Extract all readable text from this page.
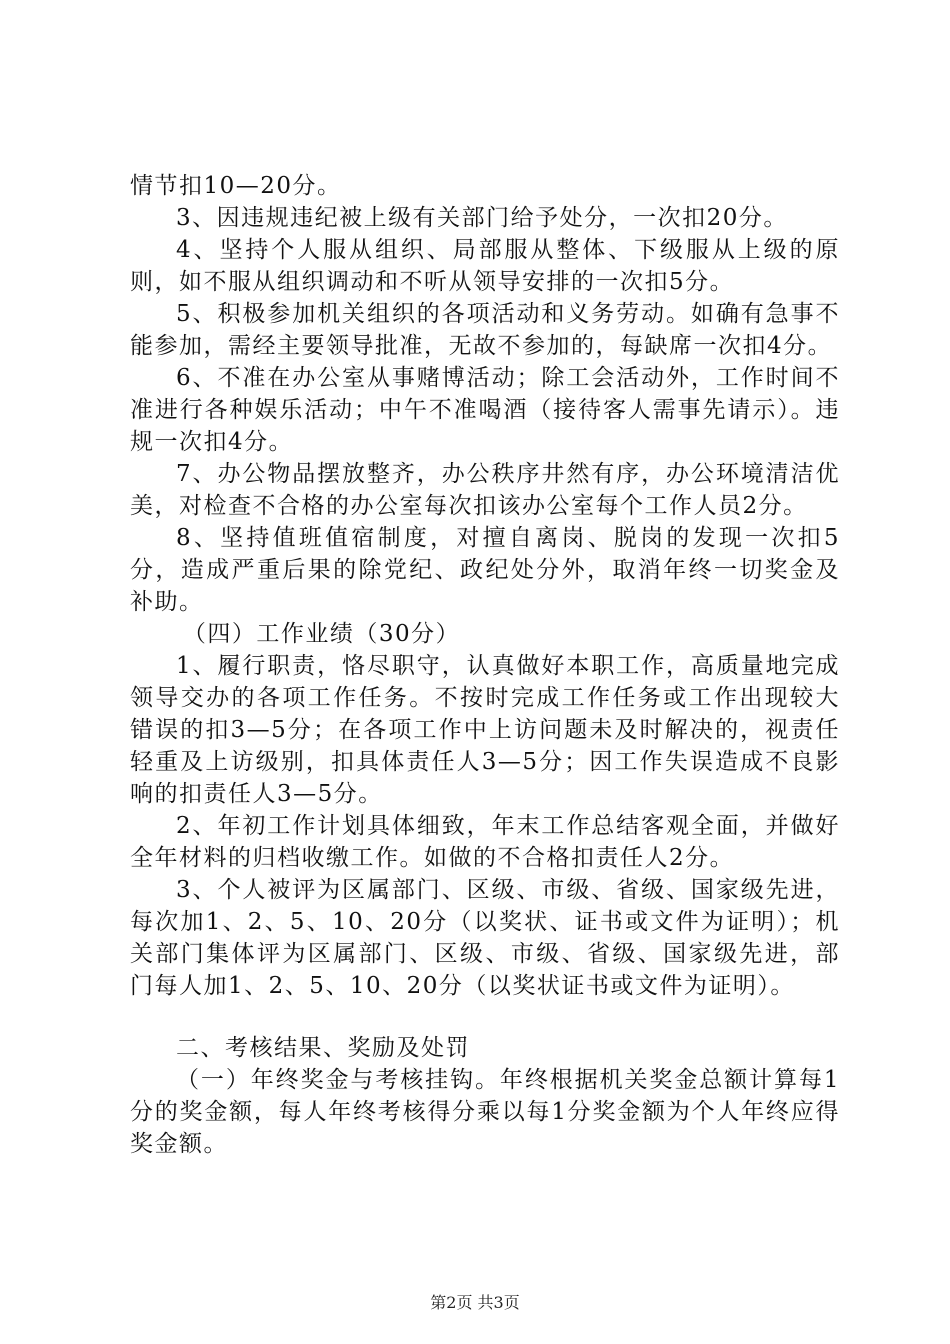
情节扣10—20分。

3、因违规违纪被上级有关部门给予处分，一次扣20分。

4、坚持个人服从组织、局部服从整体、下级服从上级的原则，如不服从组织调动和不听从领导安排的一次扣5分。

5、积极参加机关组织的各项活动和义务劳动。如确有急事不能参加，需经主要领导批准，无故不参加的，每缺席一次扣4分。

6、不准在办公室从事赌博活动；除工会活动外，工作时间不准进行各种娱乐活动；中午不准喝酒（接待客人需事先请示）。违规一次扣4分。

7、办公物品摆放整齐，办公秩序井然有序，办公环境清洁优美，对检查不合格的办公室每次扣该办公室每个工作人员2分。

8、坚持值班值宿制度，对擅自离岗、脱岗的发现一次扣5分，造成严重后果的除党纪、政纪处分外，取消年终一切奖金及补助。

（四）工作业绩（30分）

1、履行职责，恪尽职守，认真做好本职工作，高质量地完成领导交办的各项工作任务。不按时完成工作任务或工作出现较大错误的扣3—5分；在各项工作中上访问题未及时解决的，视责任轻重及上访级别，扣具体责任人3—5分；因工作失误造成不良影响的扣责任人3—5分。

2、年初工作计划具体细致，年末工作总结客观全面，并做好全年材料的归档收缴工作。如做的不合格扣责任人2分。

3、个人被评为区属部门、区级、市级、省级、国家级先进，每次加1、2、5、10、20分（以奖状、证书或文件为证明）；机关部门集体评为区属部门、区级、市级、省级、国家级先进，部门每人加1、2、5、10、20分（以奖状证书或文件为证明）。

二、考核结果、奖励及处罚

（一）年终奖金与考核挂钩。年终根据机关奖金总额计算每1分的奖金额，每人年终考核得分乘以每1分奖金额为个人年终应得奖金额。

第2页 共3页
